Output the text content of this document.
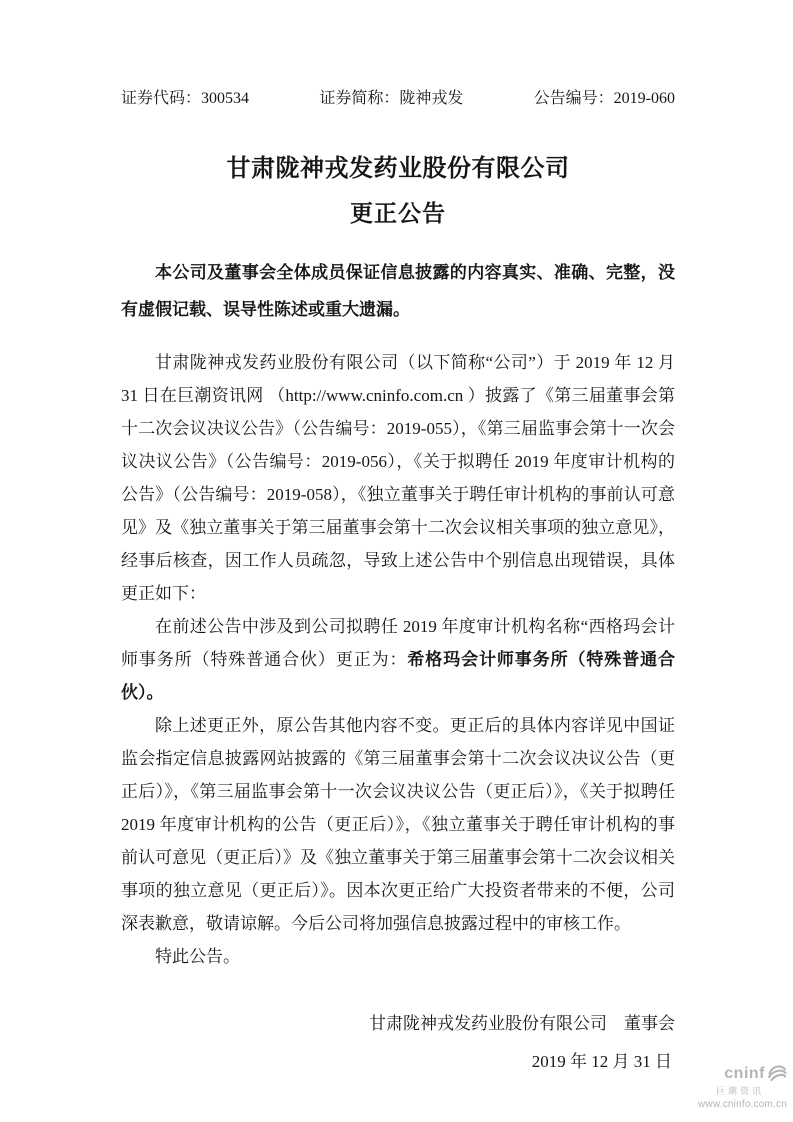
证券代码：300534	证券简称：陇神戎发	公告编号：2019-060
甘肃陇神戎发药业股份有限公司
更正公告

本公司及董事会全体成员保证信息披露的内容真实、准确、完整，没有虚假记载、误导性陈述或重大遗漏。

甘肃陇神戎发药业股份有限公司（以下简称“公司”）于 2019 年 12 月 31 日在巨潮资讯网 （http://www.cninfo.com.cn ）披露了《第三届董事会第十二次会议决议公告》（公告编号：2019-055），《第三届监事会第十一次会议决议公告》（公告编号：2019-056），《关于拟聘任 2019 年度审计机构的公告》（公告编号：2019-058），《独立董事关于聘任审计机构的事前认可意见》及《独立董事关于第三届董事会第十二次会议相关事项的独立意见》， 经事后核查，因工作人员疏忽，导致上述公告中个别信息出现错误，具体更正如下：

在前述公告中涉及到公司拟聘任 2019 年度审计机构名称“西格玛会计师事务所（特殊普通合伙）更正为：希格玛会计师事务所（特殊普通合伙）。

除上述更正外，原公告其他内容不变。更正后的具体内容详见中国证监会指定信息披露网站披露的《第三届董事会第十二次会议决议公告（更正后）》，《第三届监事会第十一次会议决议公告（更正后）》，《关于拟聘任 2019 年度审计机构的公告（更正后）》，《独立董事关于聘任审计机构的事前认可意见（更正后）》及《独立董事关于第三届董事会第十二次会议相关事项的独立意见（更正后）》。因本次更正给广大投资者带来的不便，公司深表歉意，敬请谅解。今后公司将加强信息披露过程中的审核工作。

特此公告。

甘肃陇神戎发药业股份有限公司　董事会
2019 年 12 月 31 日
cninf
巨潮资讯
www.cninfo.com.cn
